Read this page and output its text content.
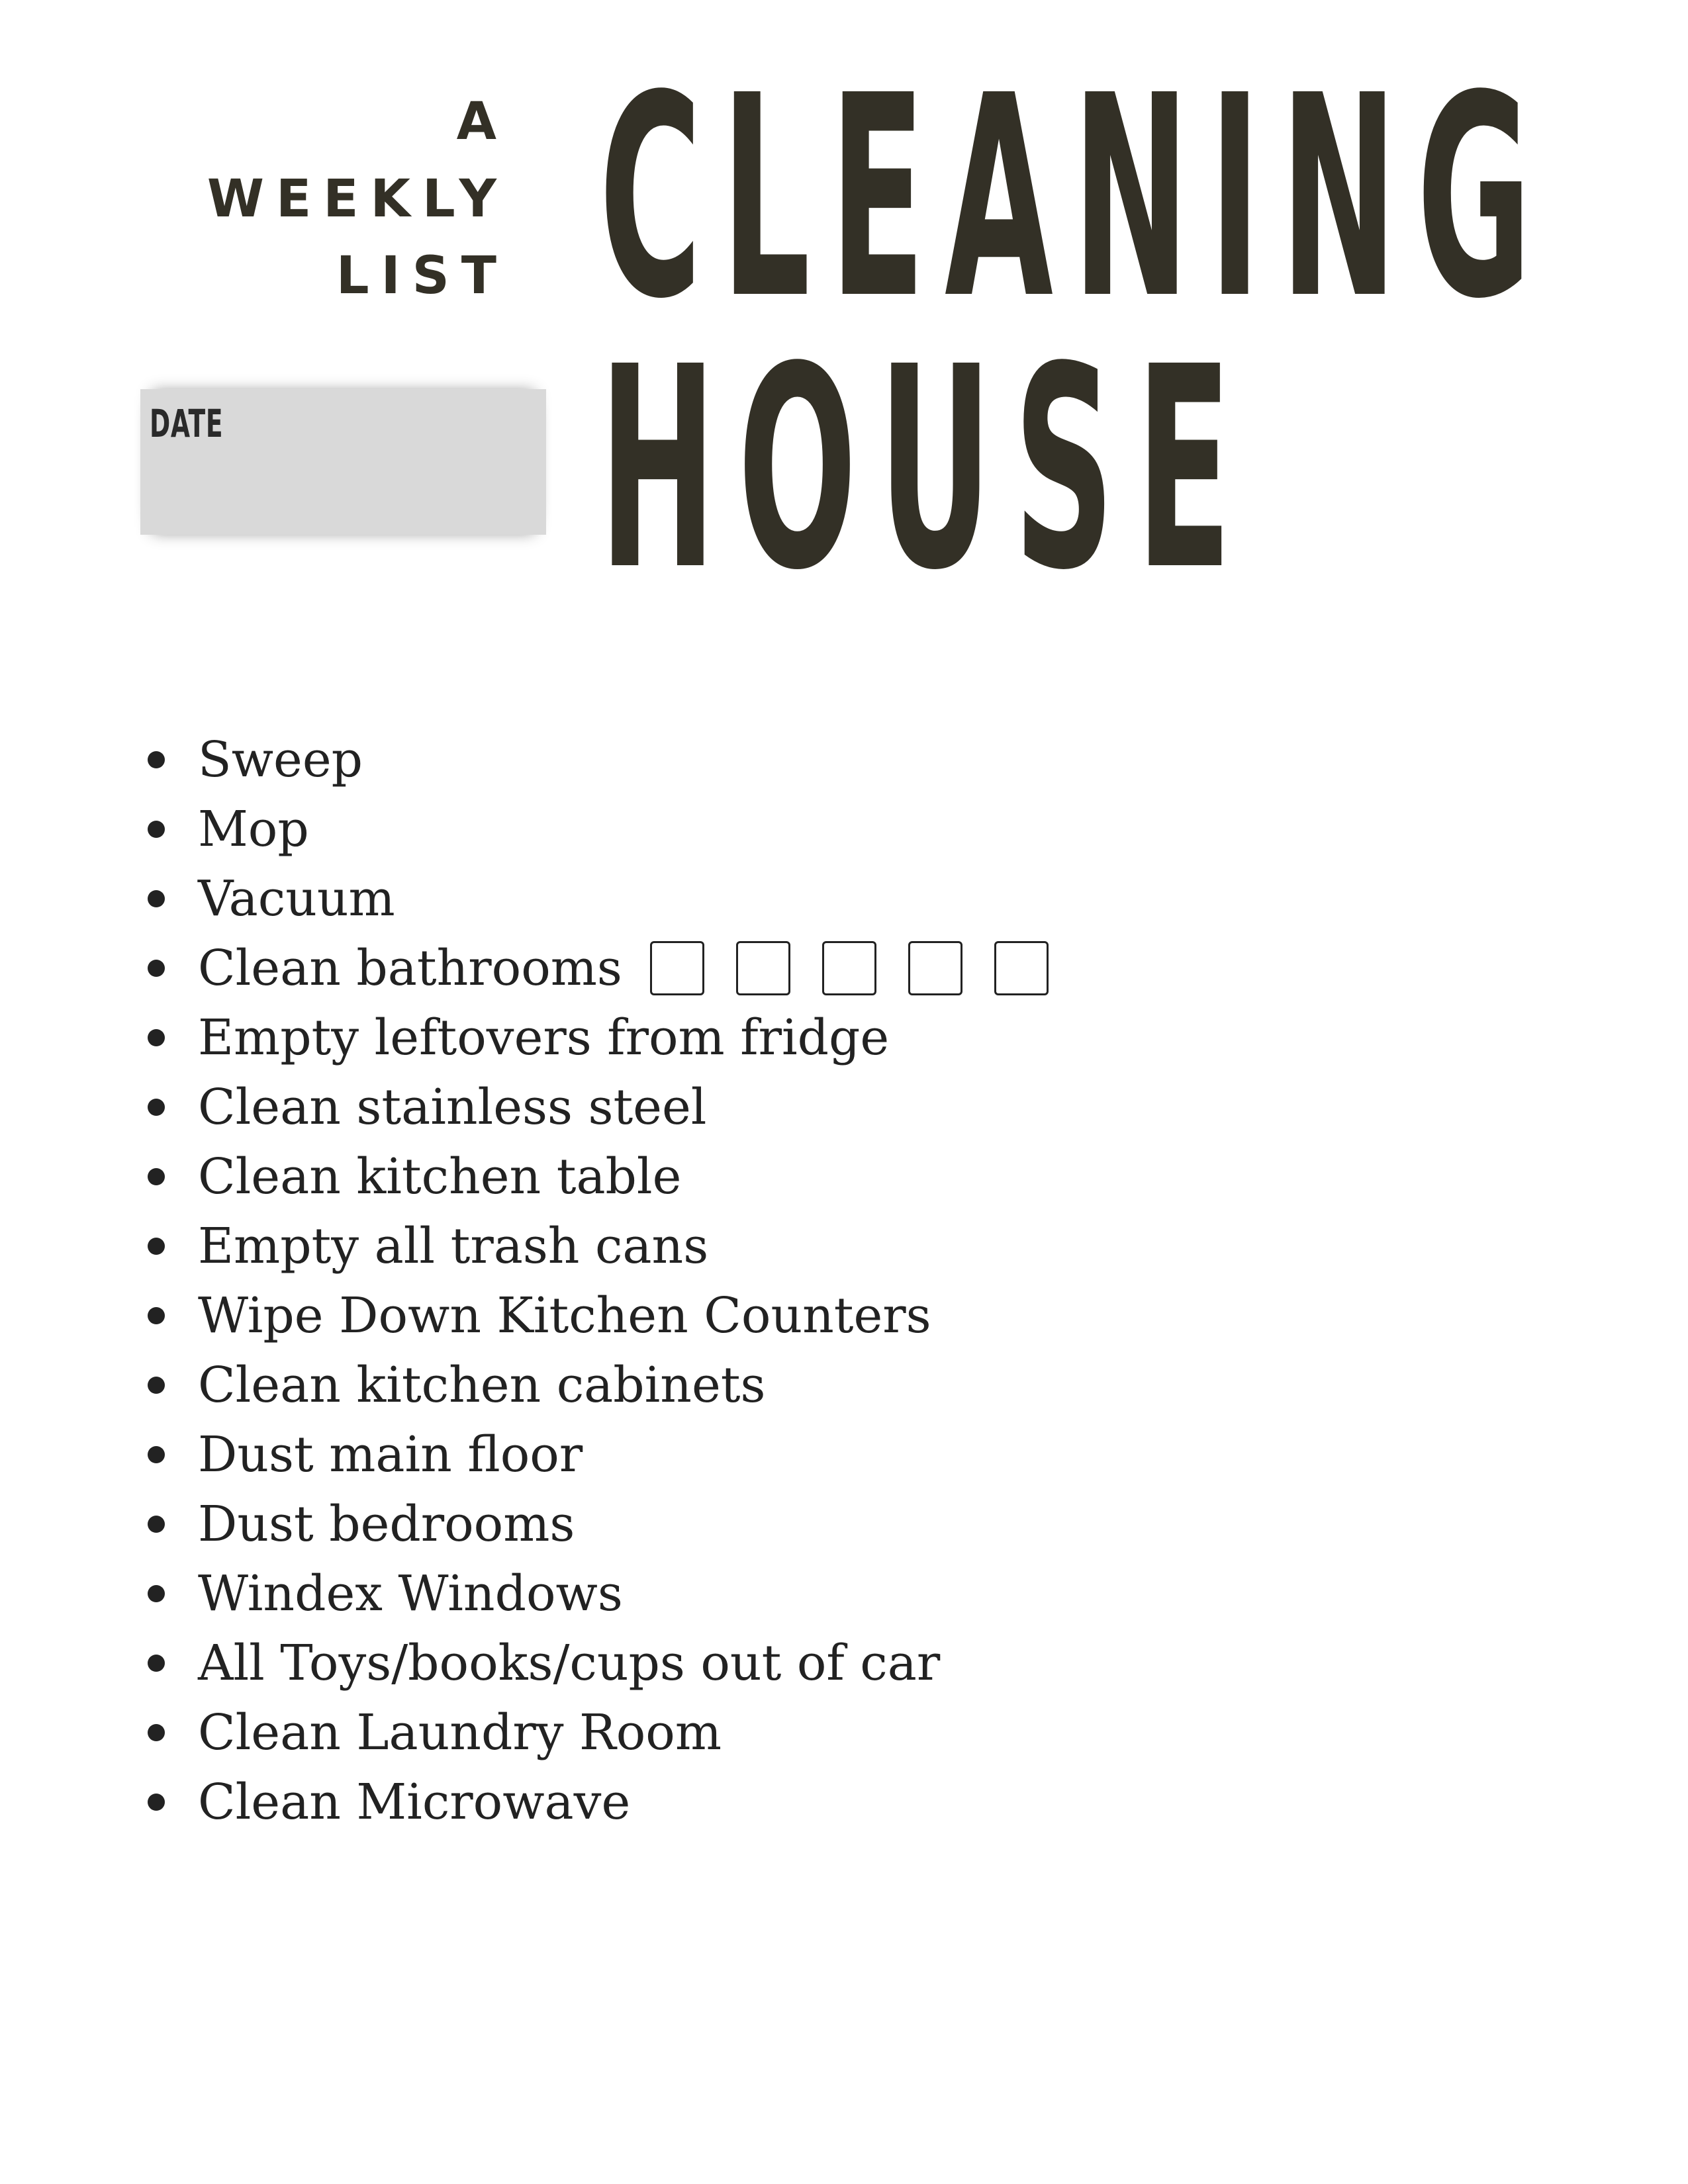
A
WEEKLY
LIST CLEANING
HOUSE
DATE
Sweep
Mop
Vacuum
Clean bathrooms
Empty leftovers from fridge
Clean stainless steel
Clean kitchen table
Empty all trash cans
Wipe Down Kitchen Counters
Clean kitchen cabinets
Dust main floor
Dust bedrooms
Windex Windows
All Toys/books/cups out of car
Clean Laundry Room
Clean Microwave
